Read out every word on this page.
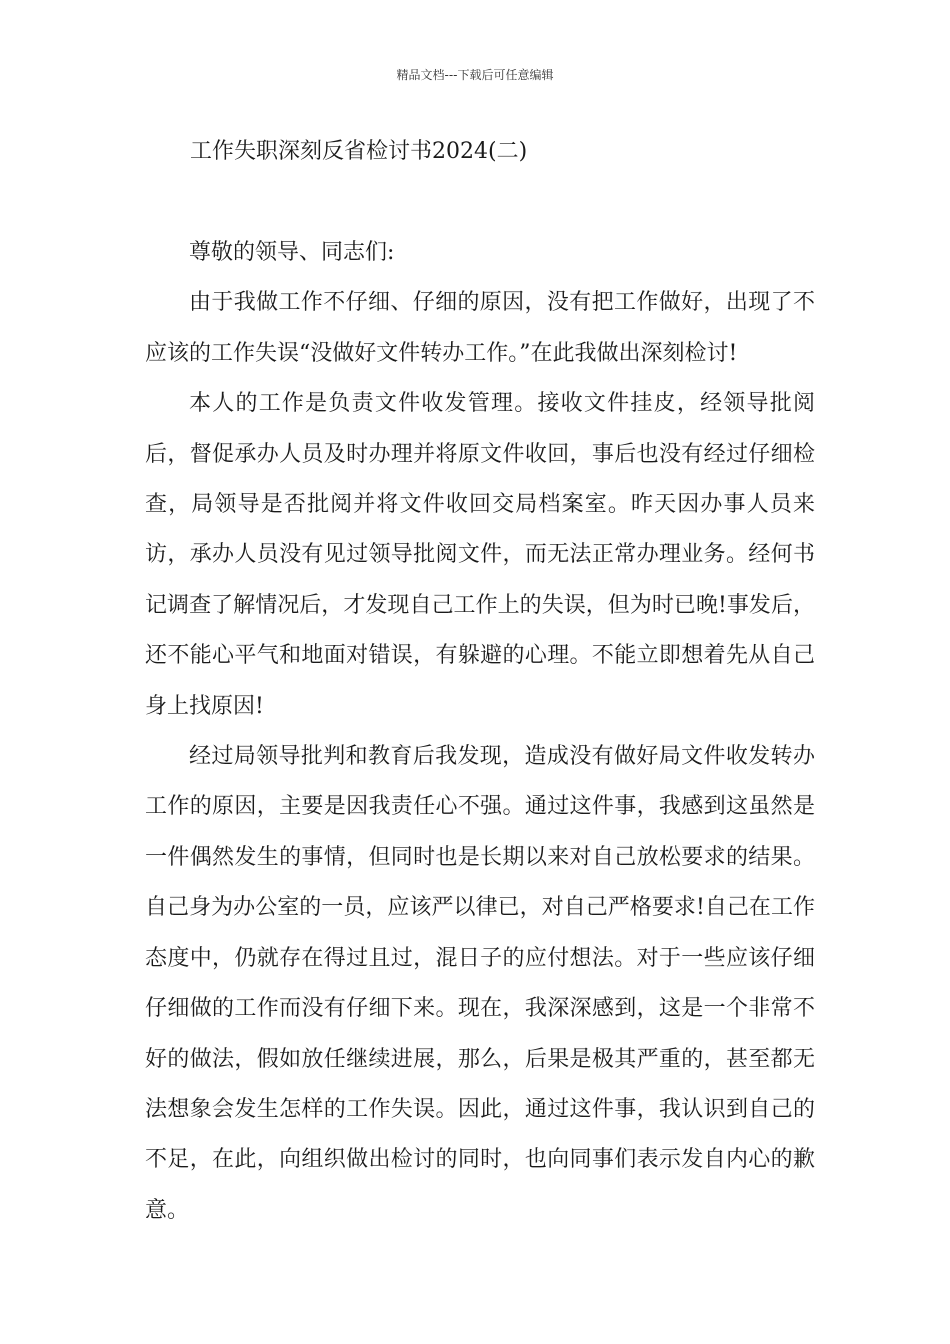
精品文档---下载后可任意编辑
工作失职深刻反省检讨书2024(二)

尊敬的领导、同志们:

由于我做工作不仔细、仔细的原因，没有把工作做好，出现了不应该的工作失误“没做好文件转办工作。”在此我做出深刻检讨!

本人的工作是负责文件收发管理。接收文件挂皮，经领导批阅后，督促承办人员及时办理并将原文件收回，事后也没有经过仔细检查，局领导是否批阅并将文件收回交局档案室。昨天因办事人员来访，承办人员没有见过领导批阅文件，而无法正常办理业务。经何书记调查了解情况后，才发现自己工作上的失误，但为时已晚!事发后，还不能心平气和地面对错误，有躲避的心理。不能立即想着先从自己身上找原因!

经过局领导批判和教育后我发现，造成没有做好局文件收发转办工作的原因，主要是因我责任心不强。通过这件事，我感到这虽然是一件偶然发生的事情，但同时也是长期以来对自己放松要求的结果。自己身为办公室的一员，应该严以律已，对自己严格要求!自己在工作态度中，仍就存在得过且过，混日子的应付想法。对于一些应该仔细仔细做的工作而没有仔细下来。现在，我深深感到，这是一个非常不好的做法，假如放任继续进展，那么，后果是极其严重的，甚至都无法想象会发生怎样的工作失误。因此，通过这件事，我认识到自己的不足，在此，向组织做出检讨的同时，也向同事们表示发自内心的歉意。
